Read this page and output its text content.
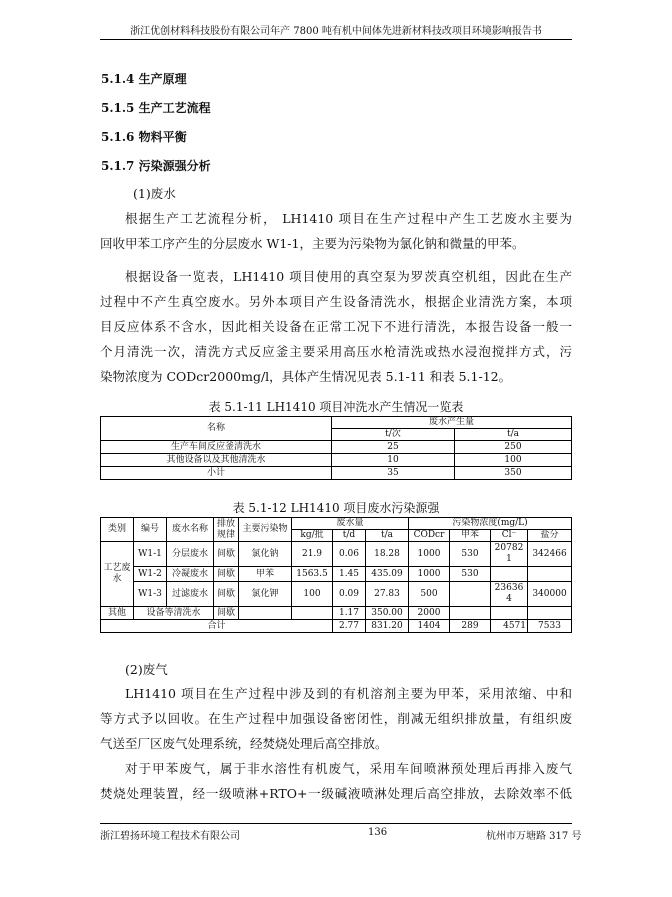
浙江优创材料科技股份有限公司年产 7800 吨有机中间体先进新材料技改项目环境影响报告书
5.1.4 生产原理
5.1.5 生产工艺流程
5.1.6 物料平衡
5.1.7 污染源强分析
(1)废水
根据生产工艺流程分析， LH1410 项目在生产过程中产生工艺废水主要为
回收甲苯工序产生的分层废水 W1-1，主要为污染物为氯化钠和微量的甲苯。
根据设备一览表，LH1410 项目使用的真空泵为罗茨真空机组，因此在生产
过程中不产生真空废水。另外本项目产生设备清洗水，根据企业清洗方案，本项
目反应体系不含水，因此相关设备在正常工况下不进行清洗，本报告设备一般一
个月清洗一次，清洗方式反应釜主要采用高压水枪清洗或热水浸泡搅拌方式，污
染物浓度为 CODcr2000mg/l，具体产生情况见表 5.1-11 和表 5.1-12。
表 5.1-11 LH1410 项目冲洗水产生情况一览表
名称	废水产生量	
	t/次	t/a
生产车间反应釜清洗水	25	250
其他设备以及其他清洗水	10	100
小计	35	350
表 5.1-12 LH1410 项目废水污染源强
类别	编号	废水名称	排放规律	主要污染物	废水量			污染物浓度(mg/L)			
					kg/批	t/d	t/a	CODcr	甲苯	Cl⁻	盐分
工艺废水	W1-1	分层废水	间歇	氯化钠	21.9	0.06	18.28	1000	530	207821	342466
	W1-2	冷凝废水	间歇	甲苯	1563.5	1.45	435.09	1000	530		
	W1-3	过滤废水	间歇	氯化钾	100	0.09	27.83	500		236364	340000
其他	设备等清洗水		间歇			1.17	350.00	2000			
合计						2.77	831.20	1404	289	4571	7533
(2)废气
LH1410 项目在生产过程中涉及到的有机溶剂主要为甲苯，采用浓缩、中和
等方式予以回收。在生产过程中加强设备密闭性，削减无组织排放量，有组织废
气送至厂区废气处理系统，经焚烧处理后高空排放。
对于甲苯废气，属于非水溶性有机废气，采用车间喷淋预处理后再排入废气
焚烧处理装置，经一级喷淋+RTO+一级碱液喷淋处理后高空排放，去除效率不低
浙江碧扬环境工程技术有限公司	136	杭州市万塘路 317 号
